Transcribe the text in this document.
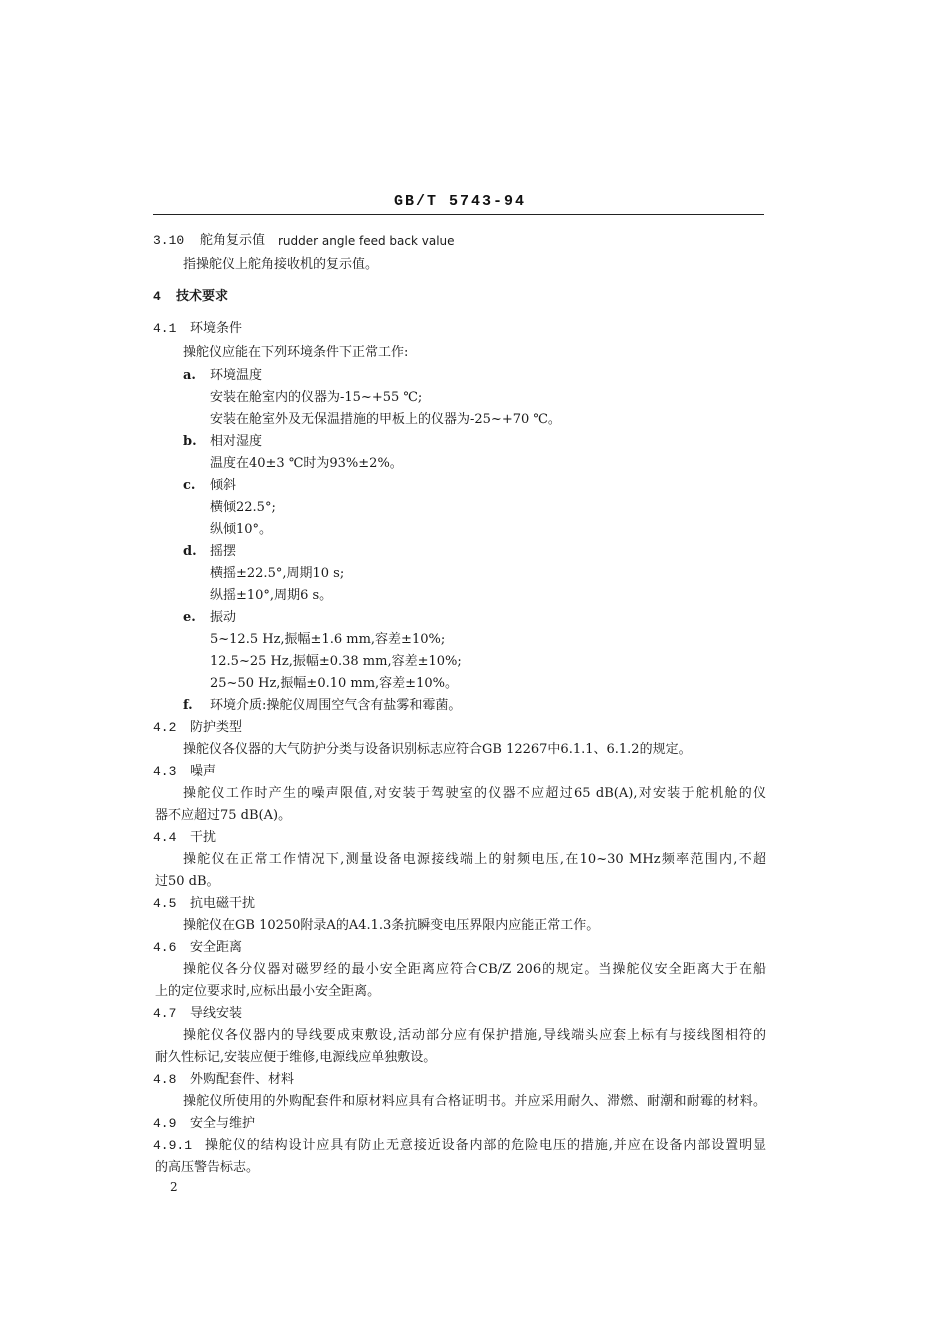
GB/T 5743-94
3.10 舵角复示值 rudder angle feed back value
指操舵仪上舵角接收机的复示值。
4 技术要求
4.1 环境条件
操舵仪应能在下列环境条件下正常工作:
a. 环境温度
安装在舱室内的仪器为-15~+55 ℃;
安装在舱室外及无保温措施的甲板上的仪器为-25~+70 ℃。
b. 相对湿度
温度在40±3 ℃时为93%±2%。
c. 倾斜
横倾22.5°;
纵倾10°。
d. 摇摆
横摇±22.5°,周期10 s;
纵摇±10°,周期6 s。
e. 振动
5~12.5 Hz,振幅±1.6 mm,容差±10%;
12.5~25 Hz,振幅±0.38 mm,容差±10%;
25~50 Hz,振幅±0.10 mm,容差±10%。
f. 环境介质:操舵仪周围空气含有盐雾和霉菌。
4.2 防护类型
操舵仪各仪器的大气防护分类与设备识别标志应符合GB 12267中6.1.1、6.1.2的规定。
4.3 噪声
操舵仪工作时产生的噪声限值,对安装于驾驶室的仪器不应超过65 dB(A),对安装于舵机舱的仪
器不应超过75 dB(A)。
4.4 干扰
操舵仪在正常工作情况下,测量设备电源接线端上的射频电压,在10~30 MHz频率范围内,不超
过50 dB。
4.5 抗电磁干扰
操舵仪在GB 10250附录A的A4.1.3条抗瞬变电压界限内应能正常工作。
4.6 安全距离
操舵仪各分仪器对磁罗经的最小安全距离应符合CB/Z 206的规定。当操舵仪安全距离大于在船
上的定位要求时,应标出最小安全距离。
4.7 导线安装
操舵仪各仪器内的导线要成束敷设,活动部分应有保护措施,导线端头应套上标有与接线图相符的
耐久性标记,安装应便于维修,电源线应单独敷设。
4.8 外购配套件、材料
操舵仪所使用的外购配套件和原材料应具有合格证明书。并应采用耐久、滞燃、耐潮和耐霉的材料。
4.9 安全与维护
4.9.1 操舵仪的结构设计应具有防止无意接近设备内部的危险电压的措施,并应在设备内部设置明显
的高压警告标志。
2
